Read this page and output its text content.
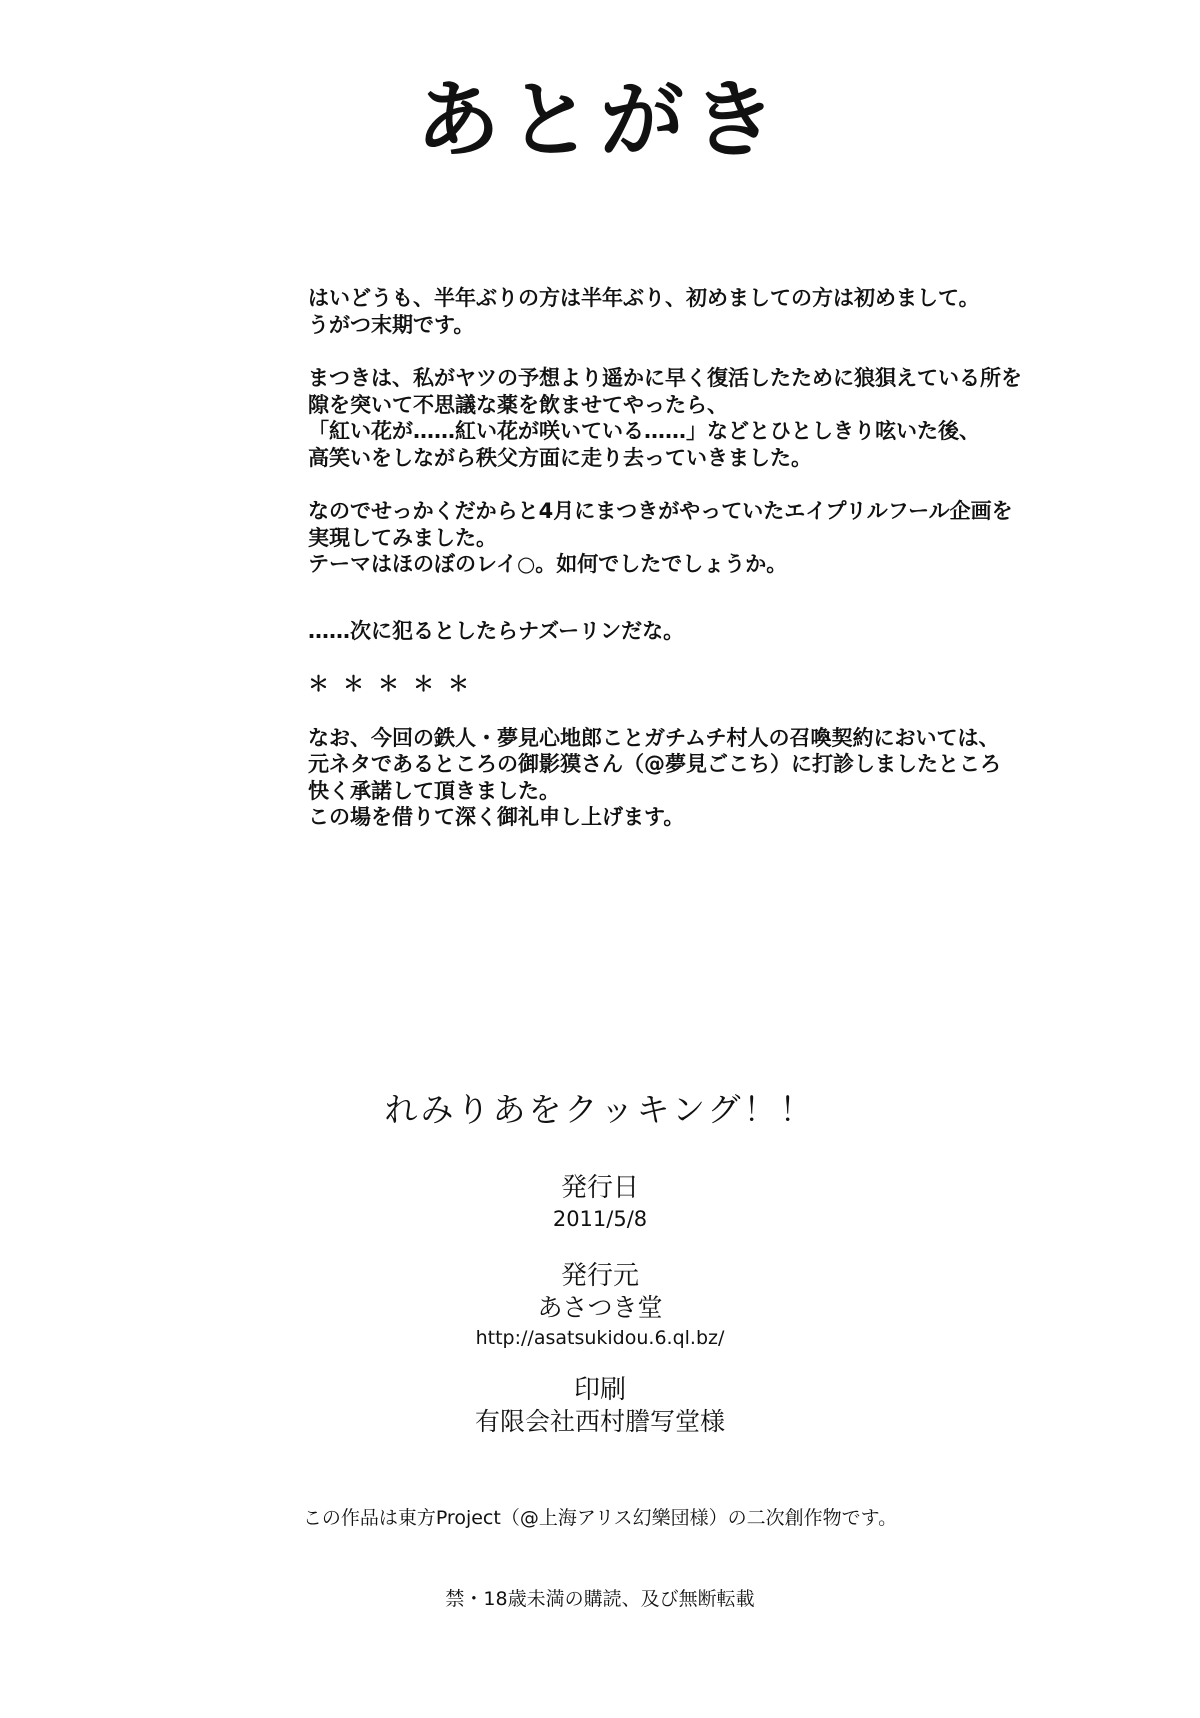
あとがき
はいどうも、半年ぶりの方は半年ぶり、初めましての方は初めまして。
うがつ末期です。
まつきは、私がヤツの予想より遥かに早く復活したために狼狽えている所を
隙を突いて不思議な薬を飲ませてやったら、
「紅い花が……紅い花が咲いている……」などとひとしきり呟いた後、
高笑いをしながら秩父方面に走り去っていきました。
なのでせっかくだからと4月にまつきがやっていたエイプリルフール企画を
実現してみました。
テーマはほのぼのレイ○。如何でしたでしょうか。
……次に犯るとしたらナズーリンだな。
＊＊＊＊＊
なお、今回の鉄人・夢見心地郎ことガチムチ村人の召喚契約においては、
元ネタであるところの御影獏さん（@夢見ごこち）に打診しましたところ
快く承諾して頂きました。
この場を借りて深く御礼申し上げます。
れみりあをクッキング！！
発行日
2011/5/8
発行元
あさつき堂
http://asatsukidou.6.ql.bz/
印刷
有限会社西村謄写堂様
この作品は東方Project（@上海アリス幻樂団様）の二次創作物です。
禁・18歳未満の購読、及び無断転載
